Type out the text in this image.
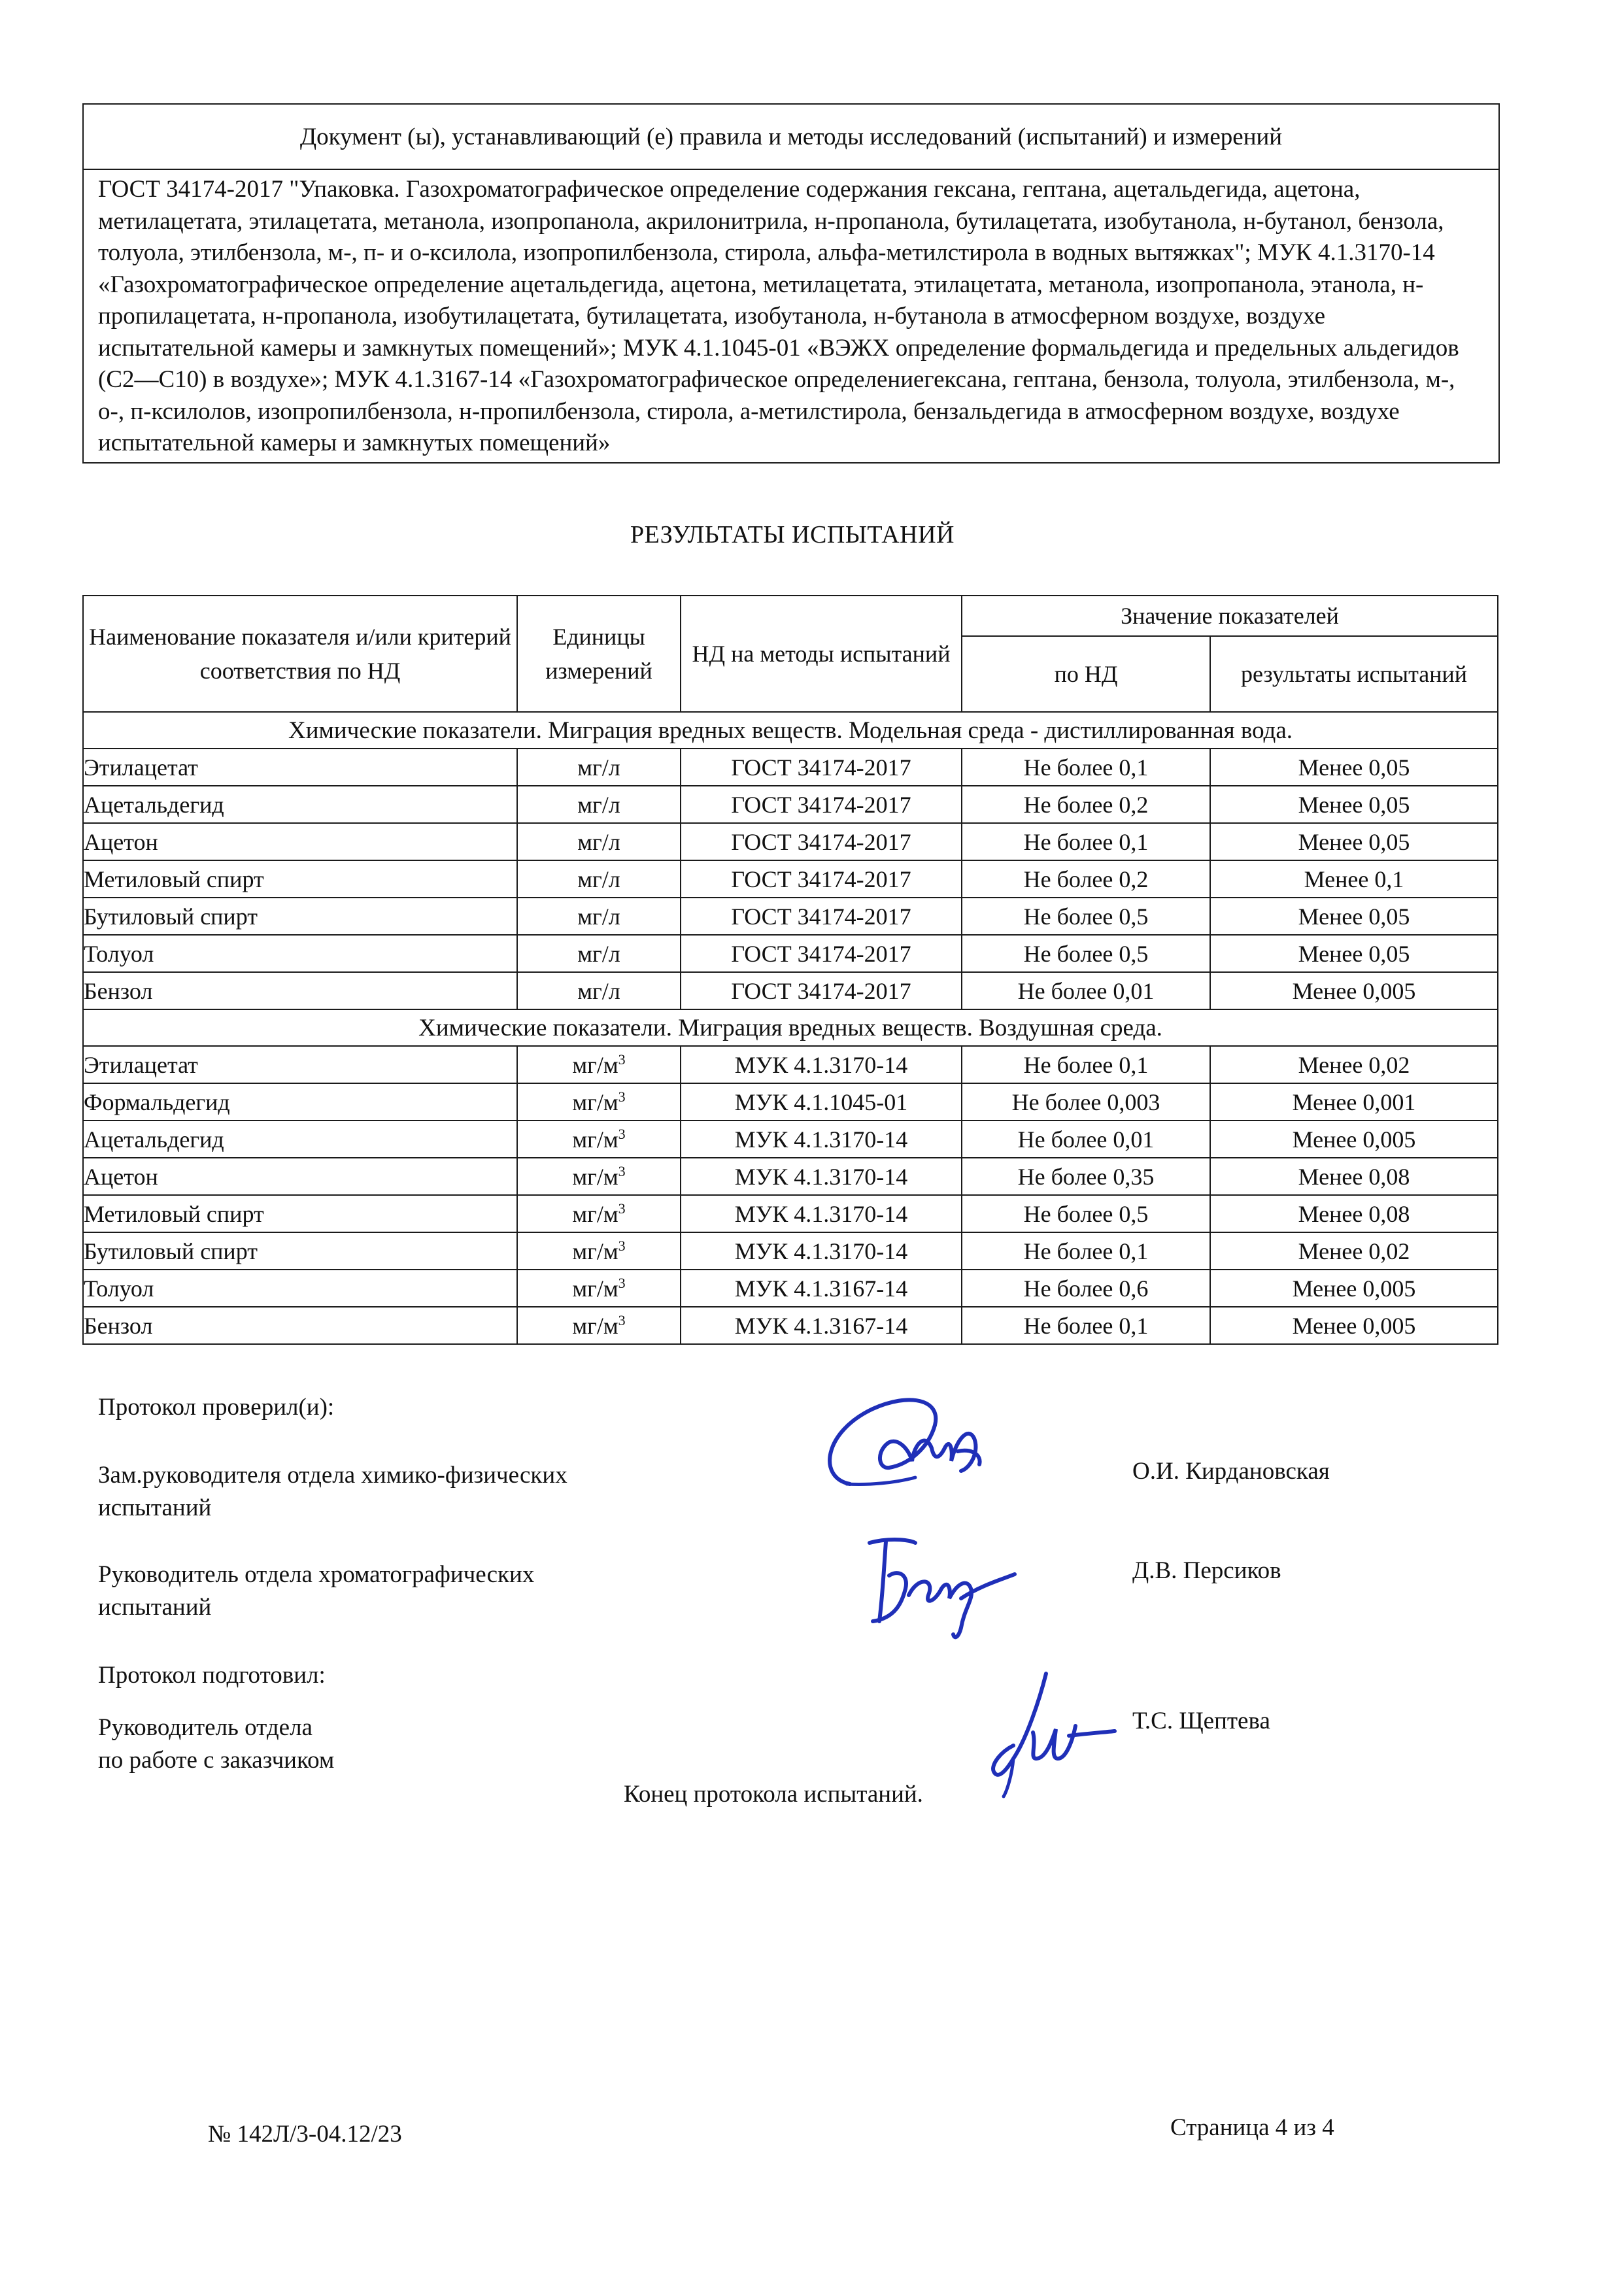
Документ (ы), устанавливающий (е) правила и методы исследований (испытаний) и измерений
ГОСТ 34174-2017 "Упаковка. Газохроматографическое определение содержания гексана, гептана, ацетальдегида, ацетона, метилацетата, этилацетата, метанола, изопропанола, акрилонитрила, н-пропанола, бутилацетата, изобутанола, н-бутанол, бензола, толуола, этилбензола, м-, п- и о-ксилола, изопропилбензола, стирола, альфа-метилстирола в водных вытяжках"; МУК 4.1.3170-14 «Газохроматографическое определение ацетальдегида, ацетона, метилацетата, этилацетата, метанола, изопропанола, этанола, н-пропилацетата, н-пропанола, изобутилацетата, бутилацетата, изобутанола, н-бутанола в атмосферном воздухе, воздухе испытательной камеры и замкнутых помещений»; МУК 4.1.1045-01 «ВЭЖХ определение формальдегида и предельных альдегидов (С2—С10) в воздухе»; МУК 4.1.3167-14 «Газохроматографическое определениегексана, гептана, бензола, толуола, этилбензола, м-, о-, п-ксилолов, изопропилбензола, н-пропилбензола, стирола, а-метилстирола, бензальдегида в атмосферном воздухе, воздухе испытательной камеры и замкнутых помещений»
РЕЗУЛЬТАТЫ ИСПЫТАНИЙ
Наименование показателя и/или критерий соответствия по НД	Единицы измерений	НД на методы испытаний	Значение показателей	
			по НД	результаты испытаний
Химические показатели. Миграция вредных веществ. Модельная среда - дистиллированная вода.				
Этилацетат	мг/л	ГОСТ 34174-2017	Не более 0,1	Менее 0,05
Ацетальдегид	мг/л	ГОСТ 34174-2017	Не более 0,2	Менее 0,05
Ацетон	мг/л	ГОСТ 34174-2017	Не более 0,1	Менее 0,05
Метиловый спирт	мг/л	ГОСТ 34174-2017	Не более 0,2	Менее 0,1
Бутиловый спирт	мг/л	ГОСТ 34174-2017	Не более 0,5	Менее 0,05
Толуол	мг/л	ГОСТ 34174-2017	Не более 0,5	Менее 0,05
Бензол	мг/л	ГОСТ 34174-2017	Не более 0,01	Менее 0,005
Химические показатели. Миграция вредных веществ. Воздушная среда.				
Этилацетат	$мг/м^3$	МУК 4.1.3170-14	Не более 0,1	Менее 0,02
Формальдегид	$мг/м^3$	МУК 4.1.1045-01	Не более 0,003	Менее 0,001
Ацетальдегид	$мг/м^3$	МУК 4.1.3170-14	Не более 0,01	Менее 0,005
Ацетон	$мг/м^3$	МУК 4.1.3170-14	Не более 0,35	Менее 0,08
Метиловый спирт	$мг/м^3$	МУК 4.1.3170-14	Не более 0,5	Менее 0,08
Бутиловый спирт	$мг/м^3$	МУК 4.1.3170-14	Не более 0,1	Менее 0,02
Толуол	$мг/м^3$	МУК 4.1.3167-14	Не более 0,6	Менее 0,005
Бензол	$мг/м^3$	МУК 4.1.3167-14	Не более 0,1	Менее 0,005
Протокол проверил(и):
Зам.руководителя отдела химико-физических
испытаний
О.И. Кирдановская
Руководитель отдела хроматографических
испытаний
Д.В. Персиков
Протокол подготовил:
Руководитель отдела
по работе с заказчиком
Т.С. Щептева
Конец протокола испытаний.
№ 142Л/3-04.12/23	Страница 4 из 4
